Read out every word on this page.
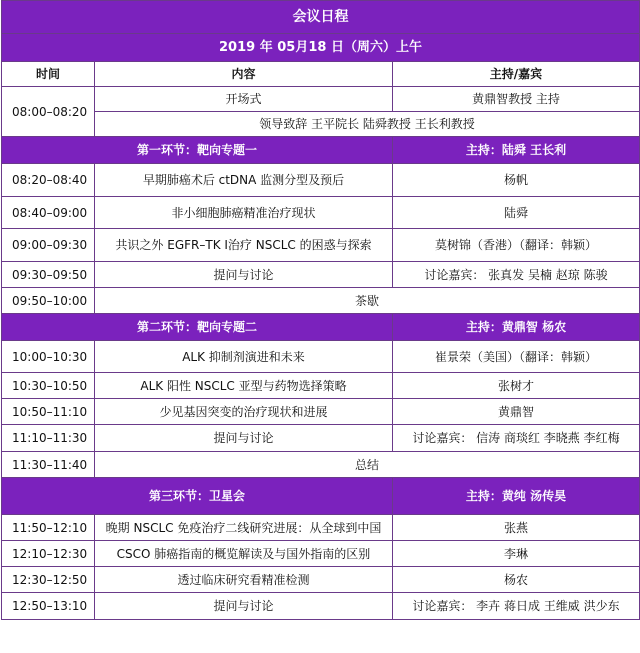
会议日程		
2019 年 05月18 日（周六）上午		
时间	内容	主持/嘉宾
08:00–08:20	开场式	黄鼎智教授 主持
	领导致辞 王平院长 陆舜教授 王长利教授	
第一环节：靶向专题一		主持：陆舜 王长利
08:20–08:40	早期肺癌术后 ctDNA 监测分型及预后	杨帆
08:40–09:00	非小细胞肺癌精准治疗现状	陆舜
09:00–09:30	共识之外 EGFR–TK I治疗 NSCLC 的困惑与探索	莫树锦（香港）（翻译：韩颖）
09:30–09:50	提问与讨论	讨论嘉宾： 张真发 吴楠 赵琼 陈骏
09:50–10:00	茶歇	
第二环节：靶向专题二		主持：黄鼎智 杨农
10:00–10:30	ALK 抑制剂演进和未来	崔景荣（美国）（翻译：韩颖）
10:30–10:50	ALK 阳性 NSCLC 亚型与药物选择策略	张树才
10:50–11:10	少见基因突变的治疗现状和进展	黄鼎智
11:10–11:30	提问与讨论	讨论嘉宾： 信涛 商琰红 李晓燕 李红梅
11:30–11:40	总结	
第三环节：卫星会		主持：黄纯 汤传昊
11:50–12:10	晚期 NSCLC 免疫治疗二线研究进展：从全球到中国	张燕
12:10–12:30	CSCO 肺癌指南的概览解读及与国外指南的区别	李琳
12:30–12:50	透过临床研究看精准检测	杨农
12:50–13:10	提问与讨论	讨论嘉宾： 李卉 蒋日成 王维威 洪少东
